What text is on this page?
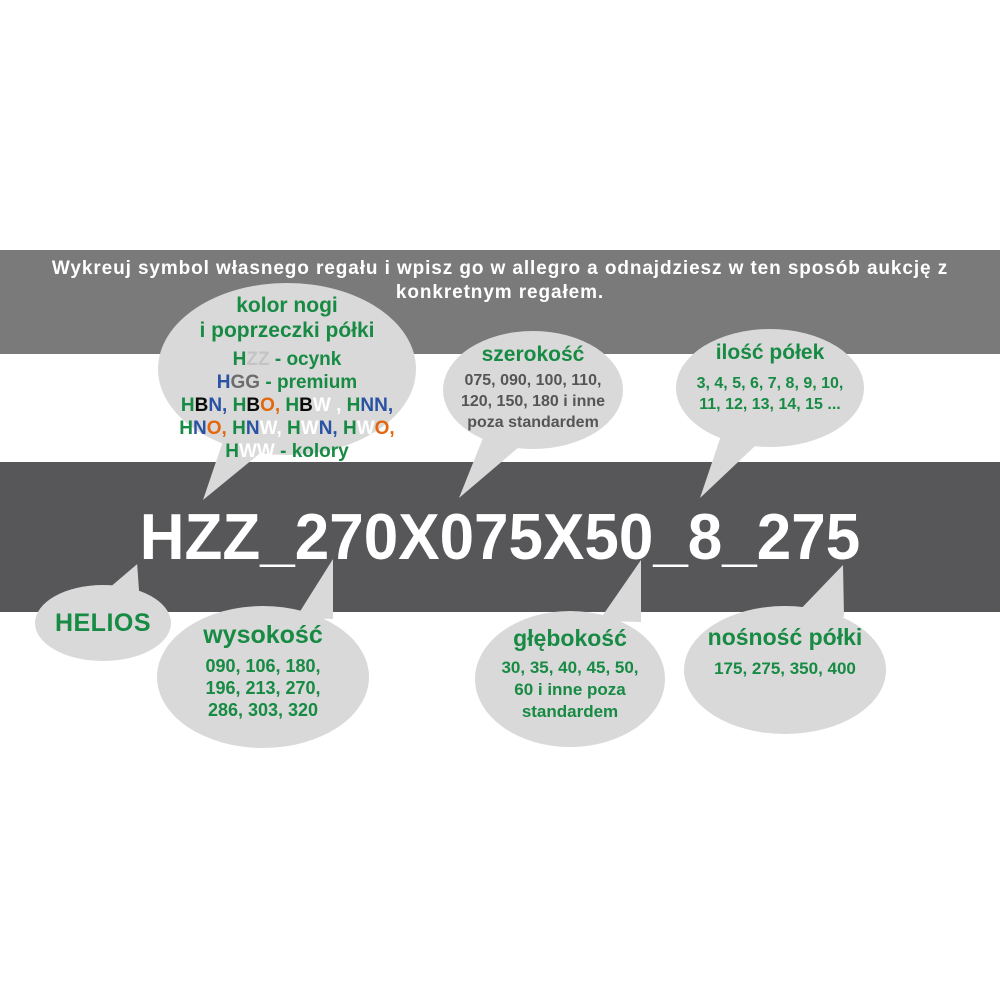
Wykreuj symbol własnego regału i wpisz go w allegro a odnajdziesz w ten sposób aukcję z
konkretnym regałem.
HZZ_270X075X50_8_275
kolor nogi
i poprzeczki półki
HZZ - ocynk
HGG - premium
HBN, HBO, HBW , HNN,
HNO, HNW, HWN, HWO,
HWW - kolory
szerokość
075, 090, 100, 110,
120, 150, 180 i inne
poza standardem
ilość półek
3, 4, 5, 6, 7, 8, 9, 10,
11, 12, 13, 14, 15 ...
HELIOS wysokość
090, 106, 180,
196, 213, 270,
286, 303, 320
głębokość
30, 35, 40, 45, 50,
60 i inne poza
standardem
nośność półki
175, 275, 350, 400
